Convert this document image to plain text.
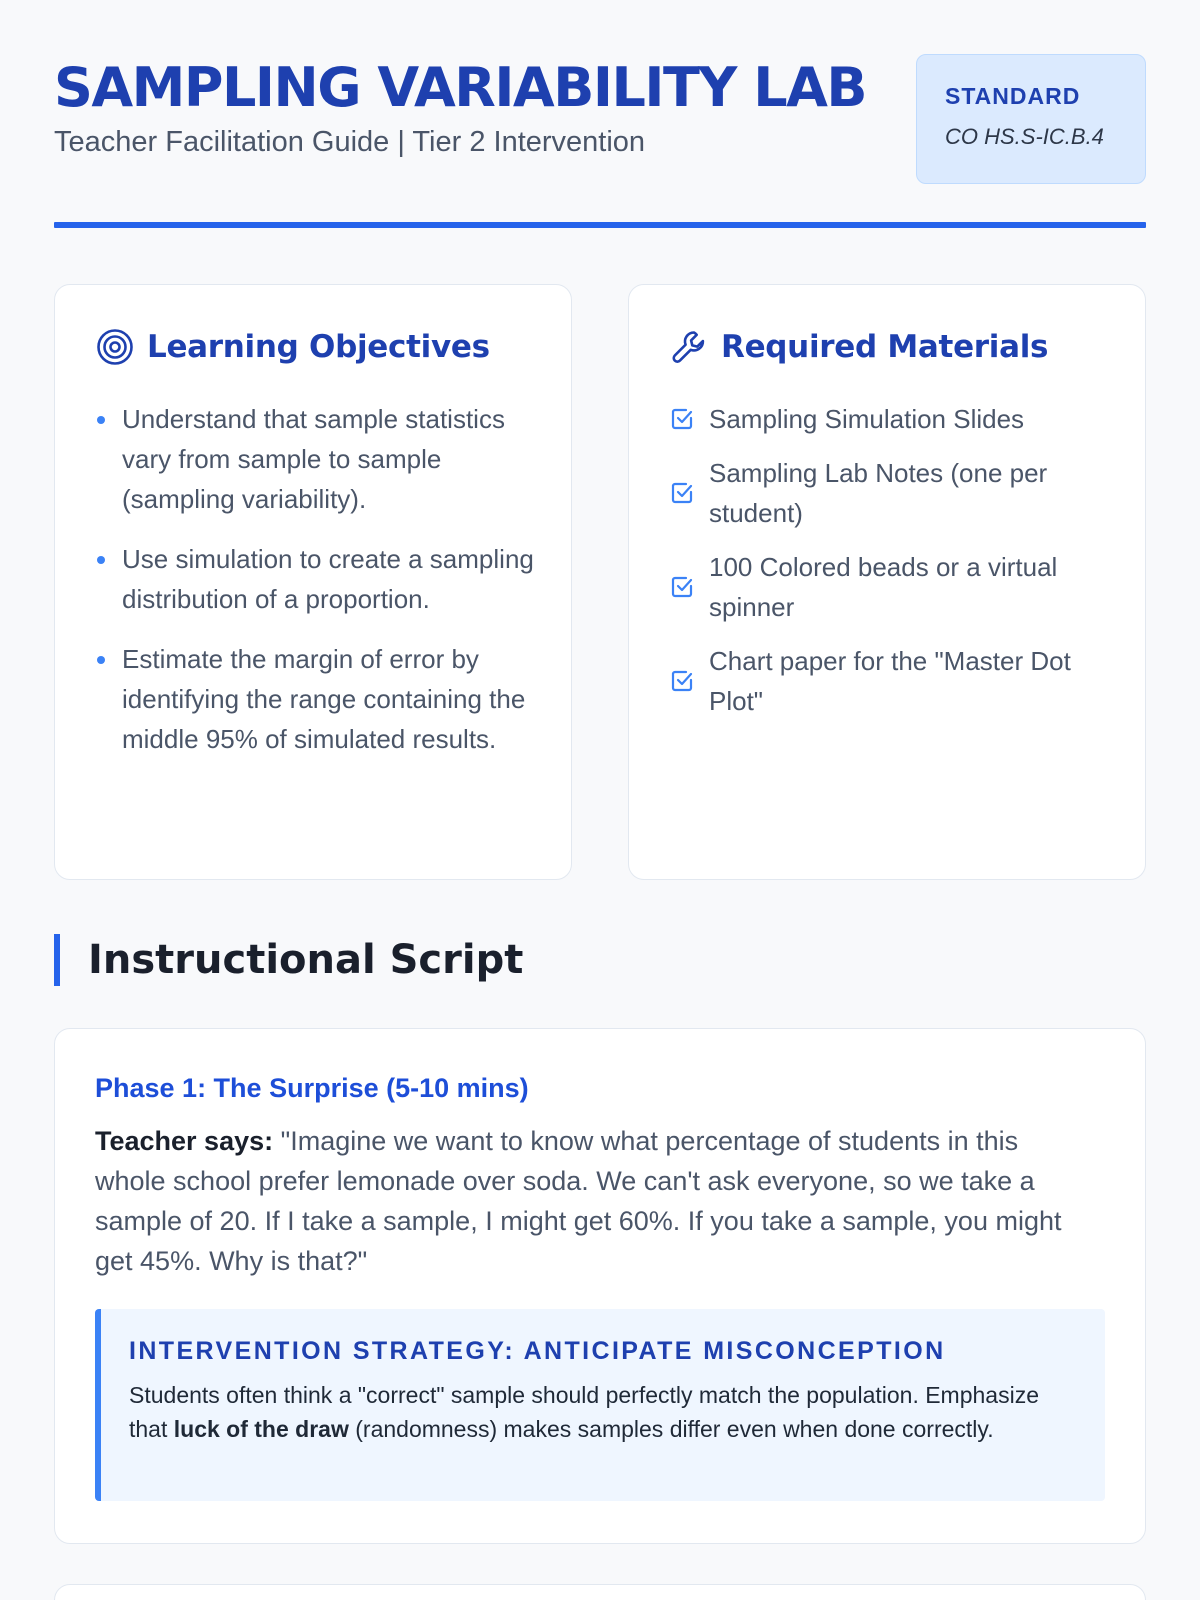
SAMPLING VARIABILITY LAB
Teacher Facilitation Guide | Tier 2 Intervention
STANDARD
CO HS.S-IC.B.4
Learning Objectives
Understand that sample statistics vary from sample to sample (sampling variability).
Use simulation to create a sampling distribution of a proportion.
Estimate the margin of error by identifying the range containing the middle 95% of simulated results.
Required Materials
Sampling Simulation Slides
Sampling Lab Notes (one per student)
100 Colored beads or a virtual spinner
Chart paper for the "Master Dot Plot"
Instructional Script
Phase 1: The Surprise (5-10 mins)

Teacher says: "Imagine we want to know what percentage of students in this whole school prefer lemonade over soda. We can't ask everyone, so we take a sample of 20. If I take a sample, I might get 60%. If you take a sample, you might get 45%. Why is that?"

INTERVENTION STRATEGY: ANTICIPATE MISCONCEPTION

Students often think a "correct" sample should perfectly match the population. Emphasize that luck of the draw (randomness) makes samples differ even when done correctly.
